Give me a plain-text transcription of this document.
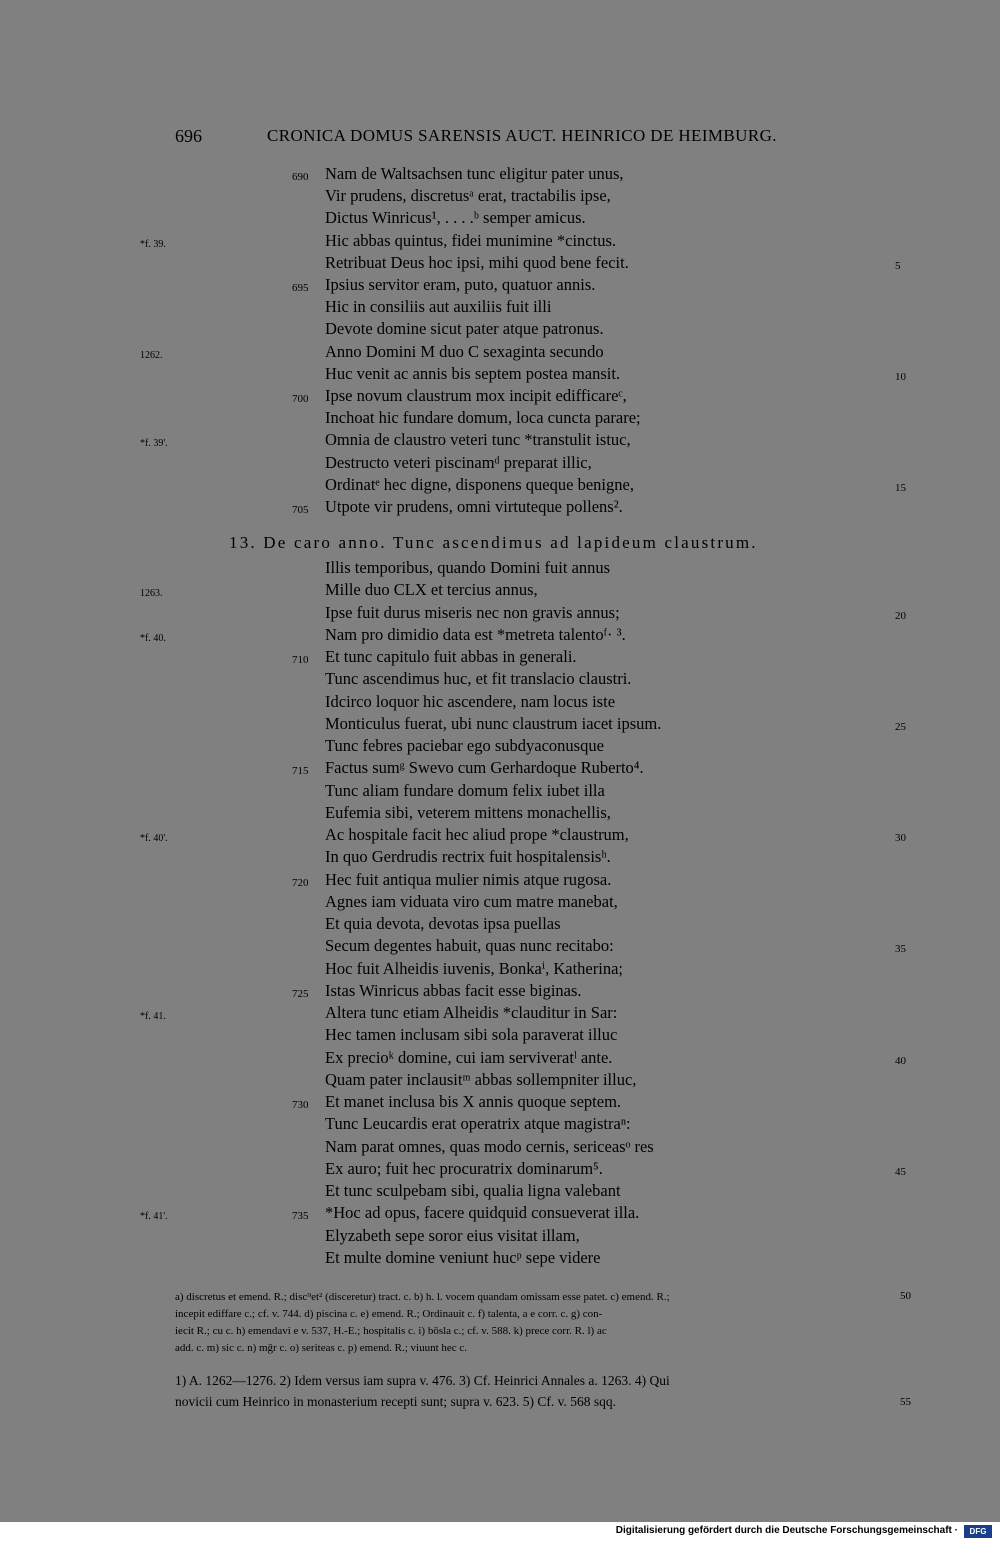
696	CRONICA DOMUS SARENSIS AUCT. HEINRICO DE HEIMBURG.
690 Nam de Waltsachsen tunc eligitur pater unus,
Vir prudens, discretusᵃ erat, tractabilis ipse,
Dictus Winricus¹, . . . .ᵇ semper amicus.
*f. 39.	Hic abbas quintus, fidei munimine *cinctus.
Retribuat Deus hoc ipsi, mihi quod bene fecit.	5
695 Ipsius servitor eram, puto, quatuor annis.
Hic in consiliis aut auxiliis fuit illi
Devote domine sicut pater atque patronus.
1262.	Anno Domini M duo C sexaginta secundo
Huc venit ac annis bis septem postea mansit.	10
700 Ipse novum claustrum mox incipit edifficareᶜ,
Inchoat hic fundare domum, loca cuncta parare;
*f. 39'.	Omnia de claustro veteri tunc *transtulit istuc,
Destructo veteri piscinamᵈ preparat illic,
Ordinatᵉ hec digne, disponens queque benigne,	15
705 Utpote vir prudens, omni virtuteque pollens².
13. De caro anno. Tunc ascendimus ad lapideum claustrum.
Illis temporibus, quando Domini fuit annus
1263.	Mille duo CLX et tercius annus,
Ipse fuit durus miseris nec non gravis annus;	20
*f. 40.	Nam pro dimidio data est *metreta talentoᶠ· ³.
710 Et tunc capitulo fuit abbas in generali.
Tunc ascendimus huc, et fit translacio claustri.
Idcirco loquor hic ascendere, nam locus iste
Monticulus fuerat, ubi nunc claustrum iacet ipsum.	25
Tunc febres paciebar ego subdyaconusque
715 Factus sumᵍ Swevo cum Gerhardoque Ruberto⁴.
Tunc aliam fundare domum felix iubet illa
Eufemia sibi, veterem mittens monachellis,
*f. 40'.	Ac hospitale facit hec aliud prope *claustrum,	30
In quo Gerdrudis rectrix fuit hospitalensisʰ.
720 Hec fuit antiqua mulier nimis atque rugosa.
Agnes iam viduata viro cum matre manebat,
Et quia devota, devotas ipsa puellas
Secum degentes habuit, quas nunc recitabo:	35
Hoc fuit Alheidis iuvenis, Bonkaⁱ, Katherina;
725 Istas Winricus abbas facit esse biginas.
*f. 41.	Altera tunc etiam Alheidis *clauditur in Sar:
Hec tamen inclusam sibi sola paraverat illuc
Ex precioᵏ domine, cui iam serviveratˡ ante.	40
Quam pater inclausitᵐ abbas sollempniter illuc,
730 Et manet inclusa bis X annis quoque septem.
Tunc Leucardis erat operatrix atque magistraⁿ:
Nam parat omnes, quas modo cernis, sericeasᵒ res
Ex auro; fuit hec procuratrix dominarum⁵.	45
Et tunc sculpebam sibi, qualia ligna valebant
*f. 41'.	735 *Hoc ad opus, facere quidquid consueverat illa.
Elyzabeth sepe soror eius visitat illam,
Et multe domine veniunt hucᵖ sepe videre
a) discretus et emend. R.; disc⁹et² (disceretur) tract. c. b) h. l. vocem quandam omissam esse patet. c) emend. R.;
incepit ediffare c.; cf. v. 744. d) piscina c. e) emend. R.; Ordinauit c. f) talenta, a e corr. c. g) con-
iecit R.; cu c. h) emendavi e v. 537, H.-E.; hospitalis c. i) bōsla c.; cf. v. 588. k) prece corr. R. l) ac
add. c. m) sic c. n) mḡr c. o) seriteas c. p) emend. R.; viuunt hec c.
50
1) A. 1262—1276. 2) Idem versus iam supra v. 476. 3) Cf. Heinrici Annales a. 1263. 4) Qui
novicii cum Heinrico in monasterium recepti sunt; supra v. 623. 5) Cf. v. 568 sqq.	55
Digitalisierung gefördert durch die Deutsche Forschungsgemeinschaft ·	DFG
